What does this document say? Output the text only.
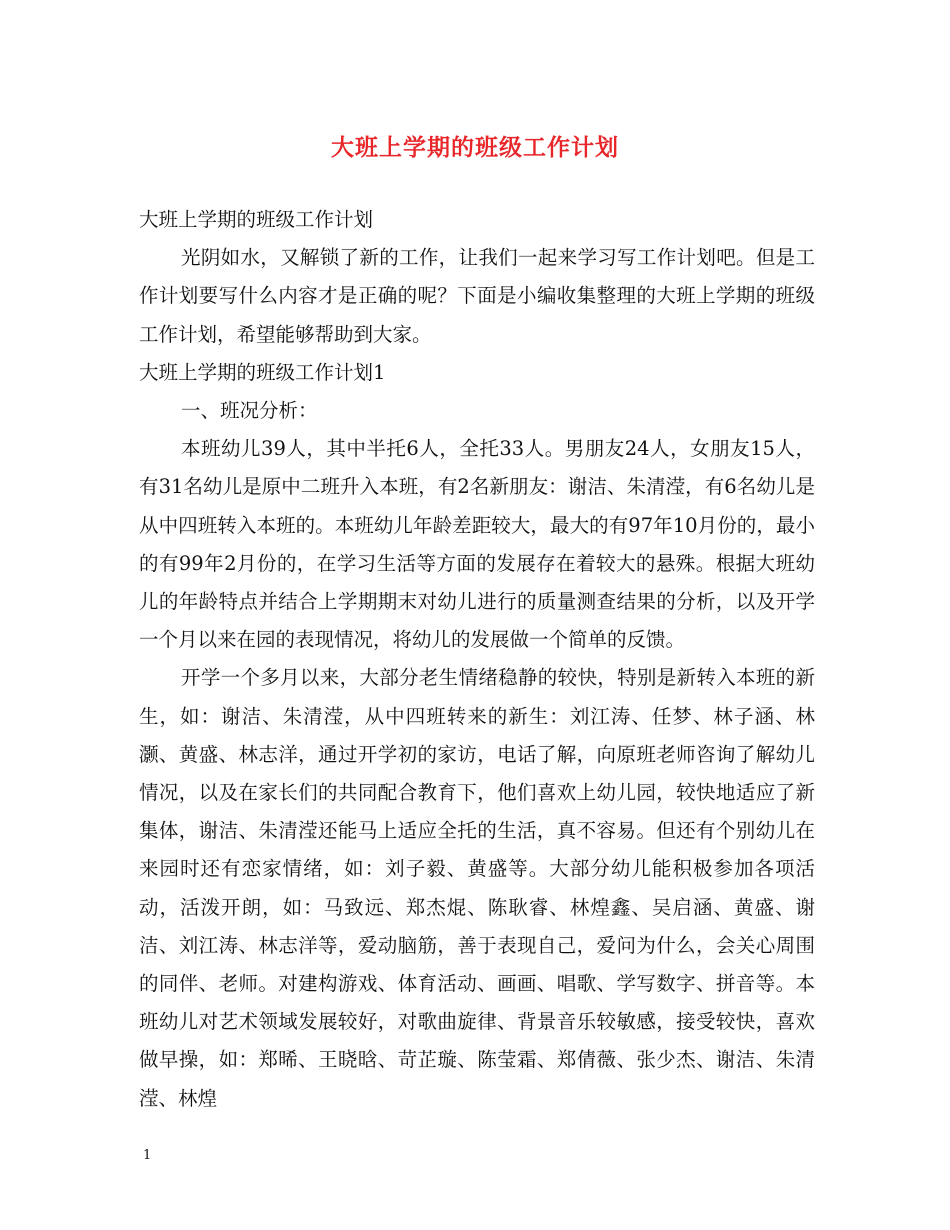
大班上学期的班级工作计划

大班上学期的班级工作计划

光阴如水，又解锁了新的工作，让我们一起来学习写工作计划吧。但是工作计划要写什么内容才是正确的呢？下面是小编收集整理的大班上学期的班级工作计划，希望能够帮助到大家。

大班上学期的班级工作计划1

一、班况分析：

本班幼儿39人，其中半托6人，全托33人。男朋友24人，女朋友15人，有31名幼儿是原中二班升入本班，有2名新朋友：谢洁、朱清滢，有6名幼儿是从中四班转入本班的。本班幼儿年龄差距较大，最大的有97年10月份的，最小的有99年2月份的，在学习生活等方面的发展存在着较大的悬殊。根据大班幼儿的年龄特点并结合上学期期末对幼儿进行的质量测查结果的分析，以及开学一个月以来在园的表现情况，将幼儿的发展做一个简单的反馈。

开学一个多月以来，大部分老生情绪稳静的较快，特别是新转入本班的新生，如：谢洁、朱清滢，从中四班转来的新生：刘江涛、任梦、林子涵、林灏、黄盛、林志洋，通过开学初的家访，电话了解，向原班老师咨询了解幼儿情况，以及在家长们的共同配合教育下，他们喜欢上幼儿园，较快地适应了新集体，谢洁、朱清滢还能马上适应全托的生活，真不容易。但还有个别幼儿在来园时还有恋家情绪，如：刘子毅、黄盛等。大部分幼儿能积极参加各项活动，活泼开朗，如：马致远、郑杰焜、陈耿睿、林煌鑫、吴启涵、黄盛、谢洁、刘江涛、林志洋等，爱动脑筋，善于表现自己，爱问为什么，会关心周围的同伴、老师。对建构游戏、体育活动、画画、唱歌、学写数字、拼音等。本班幼儿对艺术领域发展较好，对歌曲旋律、背景音乐较敏感，接受较快，喜欢做早操，如：郑晞、王晓晗、苛芷璇、陈莹霜、郑倩薇、张少杰、谢洁、朱清滢、林煌

1
